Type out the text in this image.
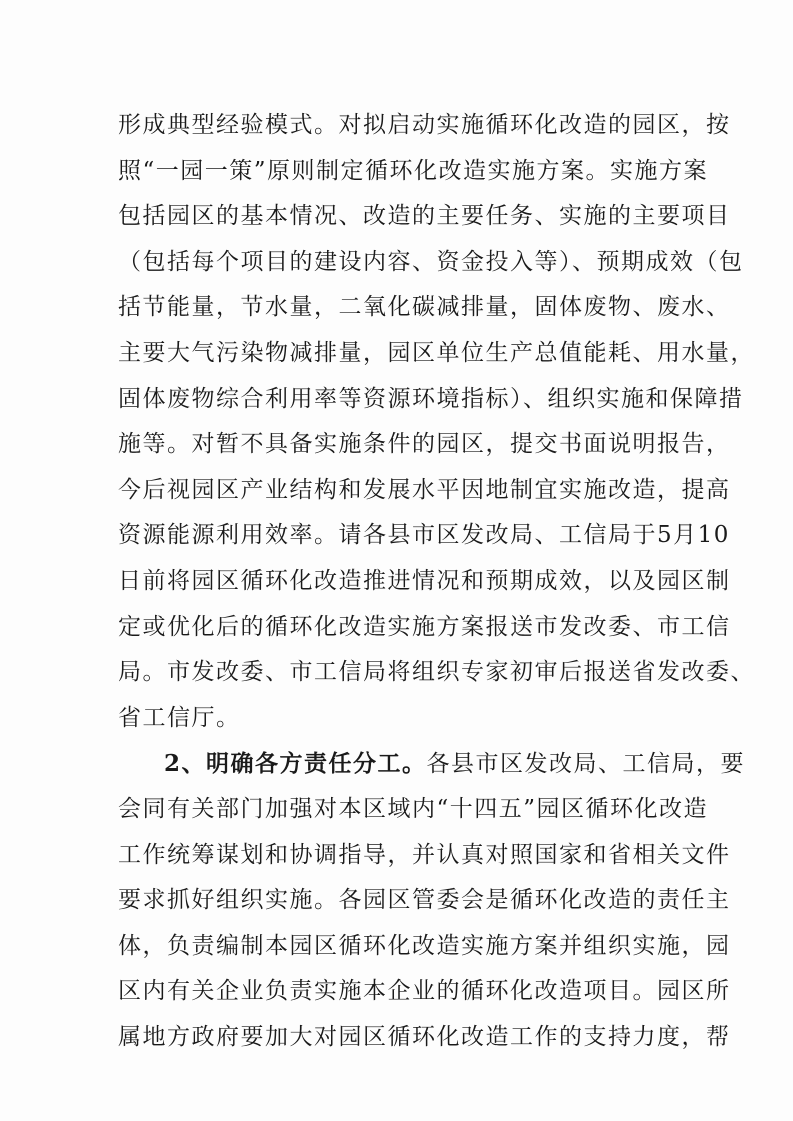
形成典型经验模式。对拟启动实施循环化改造的园区，按
照“一园一策”原则制定循环化改造实施方案。实施方案
包括园区的基本情况、改造的主要任务、实施的主要项目
（包括每个项目的建设内容、资金投入等）、预期成效（包
括节能量，节水量，二氧化碳减排量，固体废物、废水、
主要大气污染物减排量，园区单位生产总值能耗、用水量，
固体废物综合利用率等资源环境指标）、组织实施和保障措
施等。对暂不具备实施条件的园区，提交书面说明报告，
今后视园区产业结构和发展水平因地制宜实施改造，提高
资源能源利用效率。请各县市区发改局、工信局于5月10
日前将园区循环化改造推进情况和预期成效，以及园区制
定或优化后的循环化改造实施方案报送市发改委、市工信
局。市发改委、市工信局将组织专家初审后报送省发改委、
省工信厅。
2、明确各方责任分工。各县市区发改局、工信局，要
会同有关部门加强对本区域内“十四五”园区循环化改造
工作统筹谋划和协调指导，并认真对照国家和省相关文件
要求抓好组织实施。各园区管委会是循环化改造的责任主
体，负责编制本园区循环化改造实施方案并组织实施，园
区内有关企业负责实施本企业的循环化改造项目。园区所
属地方政府要加大对园区循环化改造工作的支持力度，帮
